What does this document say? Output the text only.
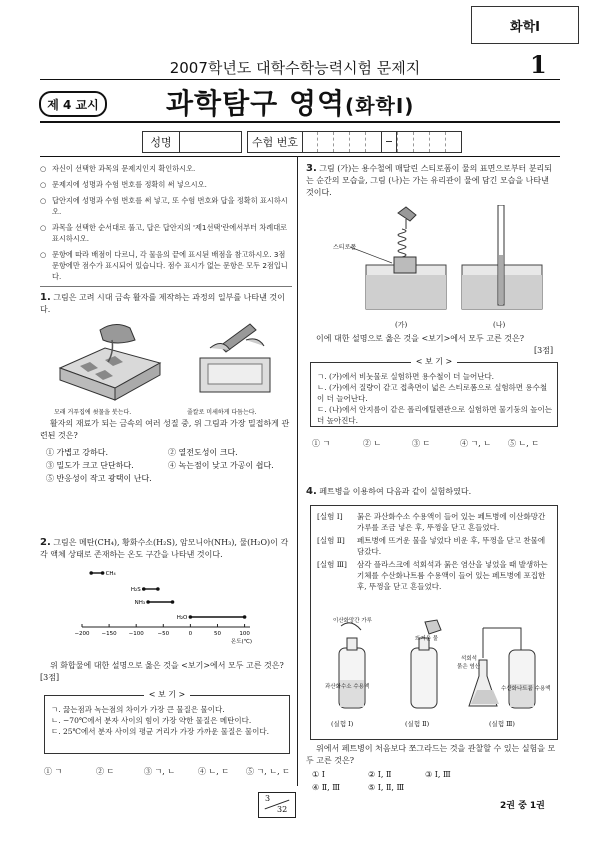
화학Ⅰ
2007학년도 대학수학능력시험 문제지	1
제 4 교시 과학탐구 영역(화학Ⅰ)
성명	수험 번호
○ 자신이 선택한 과목의 문제지인지 확인하시오.
○ 문제지에 성명과 수험 번호를 정확히 써 넣으시오.
○ 답안지에 성명과 수험 번호를 써 넣고, 또 수험 번호와 답을 정확히 표시하시오.
○ 과목을 선택한 순서대로 풀고, 답은 답안지의 '제1선택'란에서부터 차례대로 표시하시오.
○ 문항에 따라 배점이 다르니, 각 물음의 끝에 표시된 배점을 참고하시오. 3점 문항에만 점수가 표시되어 있습니다. 점수 표시가 없는 문항은 모두 2점입니다.
1. 그림은 고려 시대 금속 활자를 제작하는 과정의 일부를 나타낸 것이다.
모래 거푸집에 쇳물을 붓는다.	줄칼로 미세하게 다듬는다.
활자의 재료가 되는 금속의 여러 성질 중, 위 그림과 가장 밀접하게 관련된 것은?
① 가볍고 강하다.	② 열전도성이 크다.
③ 밀도가 크고 단단하다.	④ 녹는점이 낮고 가공이 쉽다.
⑤ 반응성이 작고 광택이 난다.
2. 그림은 메탄(CH₄), 황화수소(H₂S), 암모니아(NH₃), 물(H₂O)이 각각 액체 상태로 존재하는 온도 구간을 나타낸 것이다.
−200 −150 −100 −50	0	50	100
온도(℃)
CH₄
H₂S
NH₃
H₂O
위 화합물에 대한 설명으로 옳은 것을 <보기>에서 모두 고른 것은? [3점]
< 보 기 >
ㄱ. 끓는점과 녹는점의 차이가 가장 큰 물질은 물이다.
ㄴ. −70℃에서 분자 사이의 힘이 가장 약한 물질은 메탄이다.
ㄷ. 25℃에서 분자 사이의 평균 거리가 가장 가까운 물질은 물이다.
① ㄱ	② ㄷ	③ ㄱ, ㄴ	④ ㄴ, ㄷ ⑤ ㄱ, ㄴ, ㄷ
3. 그림 (가)는 용수철에 매달린 스티로폼이 물의 표면으로부터 분리되는 순간의 모습을, 그림 (나)는 가는 유리관이 물에 담긴 모습을 나타낸 것이다.
스티로폼
(가)	(나)
이에 대한 설명으로 옳은 것을 <보기>에서 모두 고른 것은?
[3점]
< 보 기 >
ㄱ. (가)에서 비눗물로 실험하면 용수철이 더 늘어난다.
ㄴ. (가)에서 질량이 같고 접촉면이 넓은 스티로폼으로 실험하면 용수철이 더 늘어난다.
ㄷ. (나)에서 안지름이 같은 폴리에틸렌관으로 실험하면 물기둥의 높이는 더 높아진다.
① ㄱ	② ㄴ	③ ㄷ	④ ㄱ, ㄴ ⑤ ㄴ, ㄷ
4. 페트병을 이용하여 다음과 같이 실험하였다.
[실험 Ⅰ]	묽은 과산화수소 수용액이 들어 있는 페트병에 이산화망간 가루를 조금 넣은 후, 뚜껑을 닫고 흔들었다.
[실험 Ⅱ]	페트병에 뜨거운 물을 넣었다 비운 후, 뚜껑을 닫고 찬물에 담갔다.
[실험 Ⅲ]	삼각 플라스크에 석회석과 묽은 염산을 넣었을 때 발생하는 기체를 수산화나트륨 수용액이 들어 있는 페트병에 포집한 후, 뚜껑을 닫고 흔들었다.
이산화망간 가루
과산화수소 수용액
뜨거운 물
석회석
묽은 염산
수산화나트륨 수용액
(실험 Ⅰ)	(실험 Ⅱ)	(실험 Ⅲ)
위에서 페트병이 처음보다 쪼그라드는 것을 관찰할 수 있는 실험을 모두 고른 것은?
① Ⅰ	② Ⅰ, Ⅱ	③ Ⅰ, Ⅲ
④ Ⅱ, Ⅲ	⑤ Ⅰ, Ⅱ, Ⅲ
3
32	2권 중 1권
